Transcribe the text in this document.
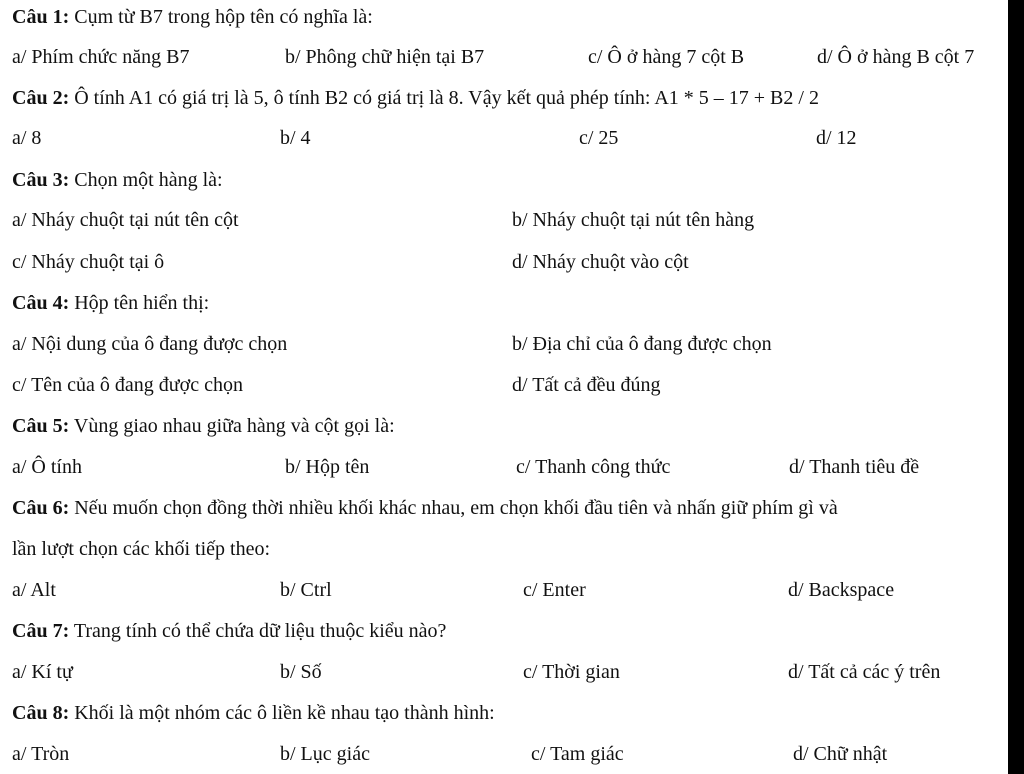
Câu 1: Cụm từ B7 trong hộp tên có nghĩa là:
a/ Phím chức năng B7	b/ Phông chữ hiện tại B7	c/ Ô ở hàng 7 cột B	d/ Ô ở hàng B cột 7
Câu 2: Ô tính A1 có giá trị là 5, ô tính B2 có giá trị là 8. Vậy kết quả phép tính: A1 * 5 – 17 + B2 / 2
a/ 8	b/ 4	c/ 25	d/ 12
Câu 3: Chọn một hàng là:
a/ Nháy chuột tại nút tên cột	b/ Nháy chuột tại nút tên hàng
c/ Nháy chuột tại ô	d/ Nháy chuột vào cột
Câu 4: Hộp tên hiển thị:
a/ Nội dung của ô đang được chọn	b/ Địa chỉ của ô đang được chọn
c/ Tên của ô đang được chọn	d/ Tất cả đều đúng
Câu 5: Vùng giao nhau giữa hàng và cột gọi là:
a/ Ô tính	b/ Hộp tên	c/ Thanh công thức	d/ Thanh tiêu đề
Câu 6: Nếu muốn chọn đồng thời nhiều khối khác nhau, em chọn khối đầu tiên và nhấn giữ phím gì và
lần lượt chọn các khối tiếp theo:
a/ Alt	b/ Ctrl	c/ Enter	d/ Backspace
Câu 7: Trang tính có thể chứa dữ liệu thuộc kiểu nào?
a/ Kí tự	b/ Số	c/ Thời gian	d/ Tất cả các ý trên
Câu 8: Khối là một nhóm các ô liền kề nhau tạo thành hình:
a/ Tròn	b/ Lục giác	c/ Tam giác	d/ Chữ nhật
